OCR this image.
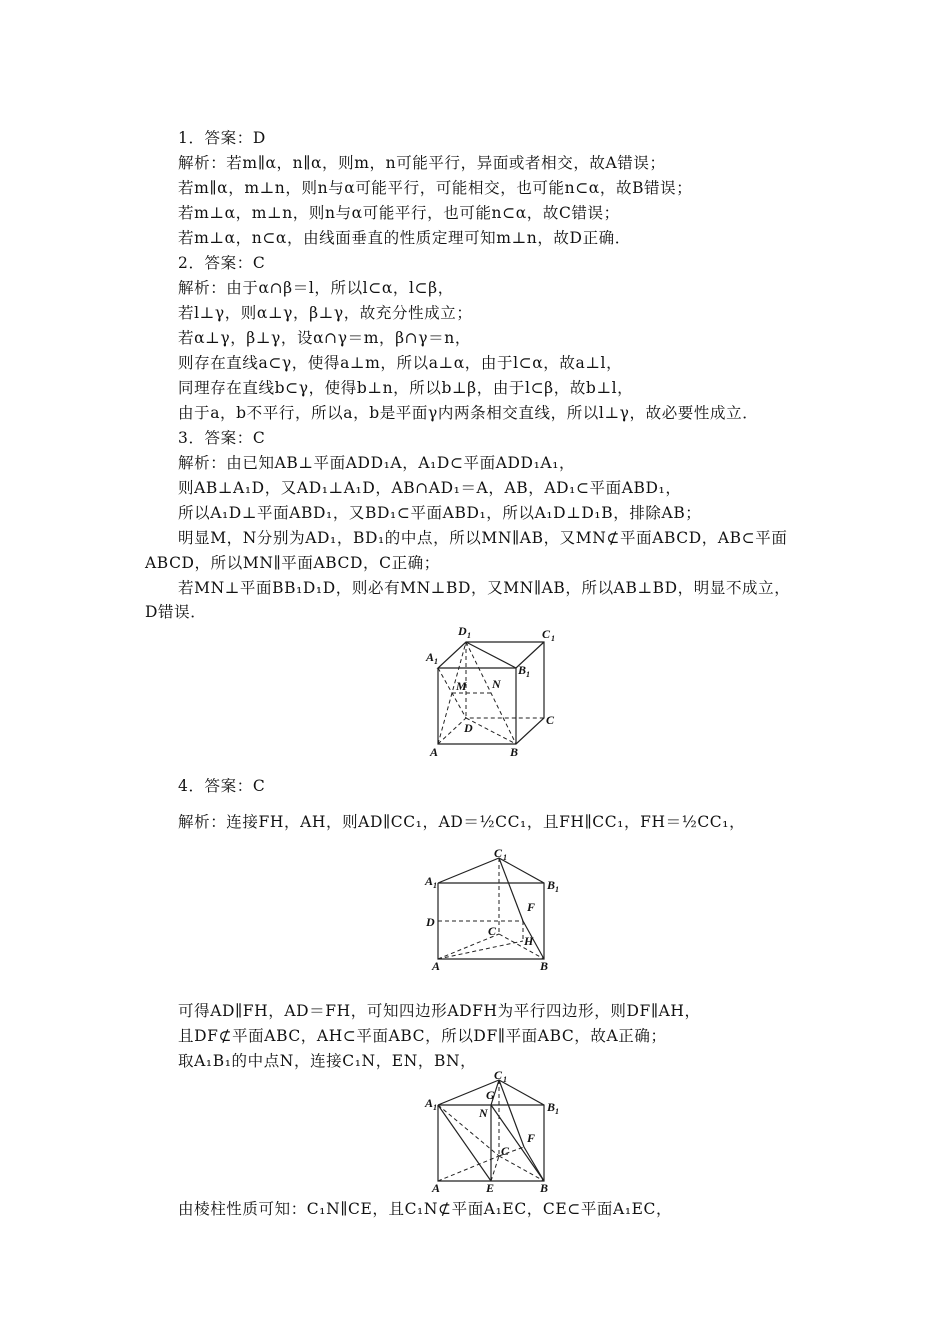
1．答案：D
解析：若m∥α，n∥α，则m，n可能平行，异面或者相交，故A错误；
若m∥α，m⊥n，则n与α可能平行，可能相交，也可能n⊂α，故B错误；
若m⊥α，m⊥n，则n与α可能平行，也可能n⊂α，故C错误；
若m⊥α，n⊂α，由线面垂直的性质定理可知m⊥n，故D正确．
2．答案：C
解析：由于α∩β＝l，所以l⊂α，l⊂β，
若l⊥γ，则α⊥γ，β⊥γ，故充分性成立；
若α⊥γ，β⊥γ，设α∩γ＝m，β∩γ＝n，
则存在直线a⊂γ，使得a⊥m，所以a⊥α，由于l⊂α，故a⊥l，
同理存在直线b⊂γ，使得b⊥n，所以b⊥β，由于l⊂β，故b⊥l，
由于a，b不平行，所以a，b是平面γ内两条相交直线，所以l⊥γ，故必要性成立．
3．答案：C
解析：由已知AB⊥平面ADD₁A，A₁D⊂平面ADD₁A₁，
则AB⊥A₁D，又AD₁⊥A₁D，AB∩AD₁＝A，AB，AD₁⊂平面ABD₁，
所以A₁D⊥平面ABD₁，又BD₁⊂平面ABD₁，所以A₁D⊥D₁B，排除AB；
明显M，N分别为AD₁，BD₁的中点，所以MN∥AB，又MN⊄平面ABCD，AB⊂平面
ABCD，所以MN∥平面ABCD，C正确；
若MN⊥平面BB₁D₁D，则必有MN⊥BD，又MN∥AB，所以AB⊥BD，明显不成立，
D错误．
4．答案：C
解析：连接FH，AH，则AD∥CC₁，AD＝½CC₁，且FH∥CC₁，FH＝½CC₁，
可得AD∥FH，AD＝FH，可知四边形ADFH为平行四边形，则DF∥AH，
且DF⊄平面ABC，AH⊂平面ABC，所以DF∥平面ABC，故A正确；
取A₁B₁的中点N，连接C₁N，EN，BN，
由棱柱性质可知：C₁N∥CE，且C₁N⊄平面A₁EC，CE⊂平面A₁EC，
D 1	C 1
A 1
B 1
M N
D
C
A	B
C 1
A 1	B 1
D
F
C
H
A	B
C 1
G
A 1	N	B 1
F
C
A	E	B
